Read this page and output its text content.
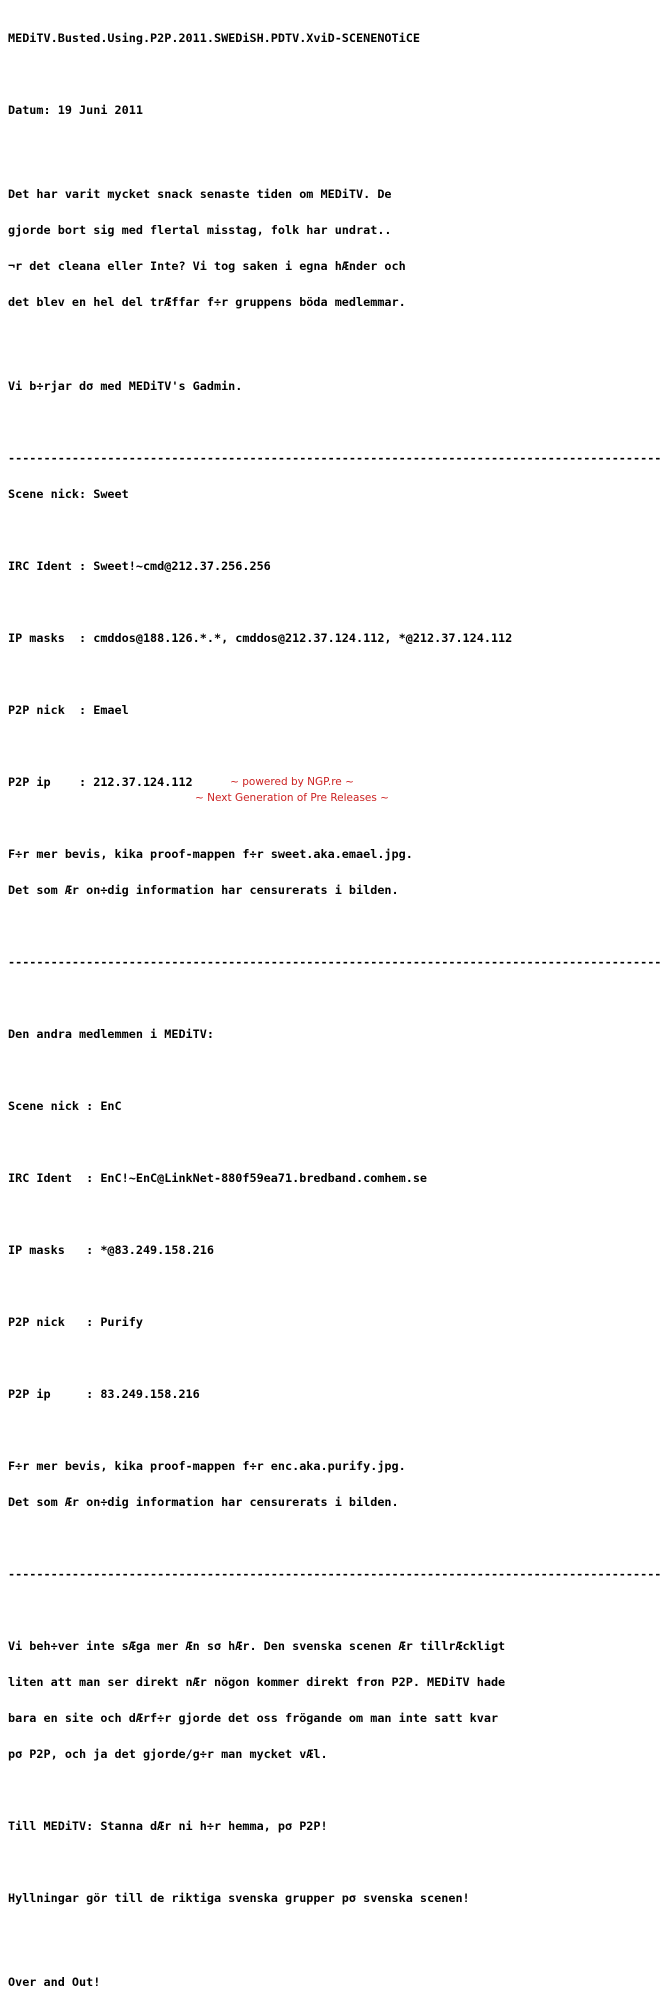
MEDiTV.Busted.Using.P2P.2011.SWEDiSH.PDTV.XviD-SCENENOTiCE

Datum: 19 Juni 2011

Det har varit mycket snack senaste tiden om MEDiTV. De

gjorde bort sig med flertal misstag, folk har undrat..

¬r det cleana eller Inte? Vi tog saken i egna hÆnder och

det blev en hel del trÆffar f÷r gruppens böda medlemmar.

Vi b÷rjar dσ med MEDiTV's Gadmin.

-----

Scene nick: Sweet

IRC Ident : Sweet!~cmd@212.37.256.256

IP masks  : cmddos@188.126.*.*, cmddos@212.37.124.112, *@212.37.124.112

P2P nick  : Emael

P2P ip    : 212.37.124.112

F÷r mer bevis, kika proof-mappen f÷r sweet.aka.emael.jpg.

Det som Ær on÷dig information har censurerats i bilden.

-----

Den andra medlemmen i MEDiTV:

Scene nick : EnC

IRC Ident  : EnC!~EnC@LinkNet-880f59ea71.bredband.comhem.se

IP masks   : *@83.249.158.216

P2P nick   : Purify

P2P ip     : 83.249.158.216

F÷r mer bevis, kika proof-mappen f÷r enc.aka.purify.jpg.

Det som Ær on÷dig information har censurerats i bilden.

-----

Vi beh÷ver inte sÆga mer Æn sσ hÆr. Den svenska scenen Ær tillrÆckligt

liten att man ser direkt nÆr nögon kommer direkt frσn P2P. MEDiTV hade

bara en site och dÆrf÷r gjorde det oss frögande om man inte satt kvar

pσ P2P, och ja det gjorde/g÷r man mycket vÆl.

Till MEDiTV: Stanna dÆr ni h÷r hemma, pσ P2P!

Hyllningar gör till de riktiga svenska grupper pσ svenska scenen!

Over and Out!

~ powered by NGP.re ~
~ Next Generation of Pre Releases ~
